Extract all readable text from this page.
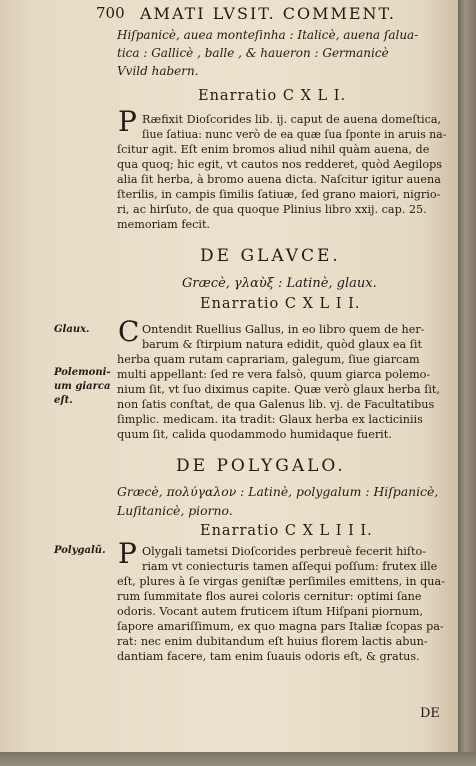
700 AMATI LVSIT. COMMENT.
Hiſpanicè, auea monteſinha : Italicè, auena ſalua-
tica : Gallicè , balle , & haueron : Germanicè
Vvild habern.
Enarratio C X L I.
P Ræfixit Dioſcorides lib. ij. caput de auena domeſtica,
ſiue ſatiua: nunc verò de ea quæ ſua ſponte in aruis na-
ſcitur agit. Eſt enim bromos aliud nihil quàm auena, de
qua quoq; hic egit, vt cautos nos redderet, quòd Aegilops
alia ſit herba, à bromo auena dicta. Naſcitur igitur auena
ſterilis, in campis ſimilis ſatiuæ, ſed grano maiori, nigrio-
ri, ac hirſuto, de qua quoque Plinius libro xxij. cap. 25.
memoriam fecit.
DE GLAVCE.
Græcè, γλαὺξ : Latinè, glaux.
Enarratio C X L I I.
Glaux.
Polemoni-
um giarca
eſt.
C Ontendit Ruellius Gallus, in eo libro quem de her-
barum & ſtirpium natura edidit, quòd glaux ea ſit
herba quam rutam caprariam, galegum, ſiue giarcam
multi appellant: ſed re vera falsò, quum giarca polemo-
nium ſit, vt ſuo diximus capite. Quæ verò glaux herba ſit,
non ſatis conſtat, de qua Galenus lib. vj. de Facultatibus
ſimplic. medicam. ita tradit: Glaux herba ex lacticiniis
quum ſit, calida quodammodo humidaque fuerit.
DE POLYGALO.
Græcè, πολύγαλον : Latinè, polygalum : Hiſpanicè,
Luſitanicè, piorno.
Enarratio C X L I I I.
Polygalũ. P Olygali tametsi Dioſcorides perbreuè fecerit hiſto-
riam vt coniecturis tamen aſſequi poſſum: frutex ille
eſt, plures à ſe virgas geniſtæ perſimiles emittens, in qua-
rum ſummitate flos aurei coloris cernitur: optimi ſane
odoris. Vocant autem fruticem iſtum Hiſpani piornum,
ſapore amariſſimum, ex quo magna pars Italiæ ſcopas pa-
rat: nec enim dubitandum eſt huius florem lactis abun-
dantiam facere, tam enim ſuauis odoris eſt, & gratus.
DE
